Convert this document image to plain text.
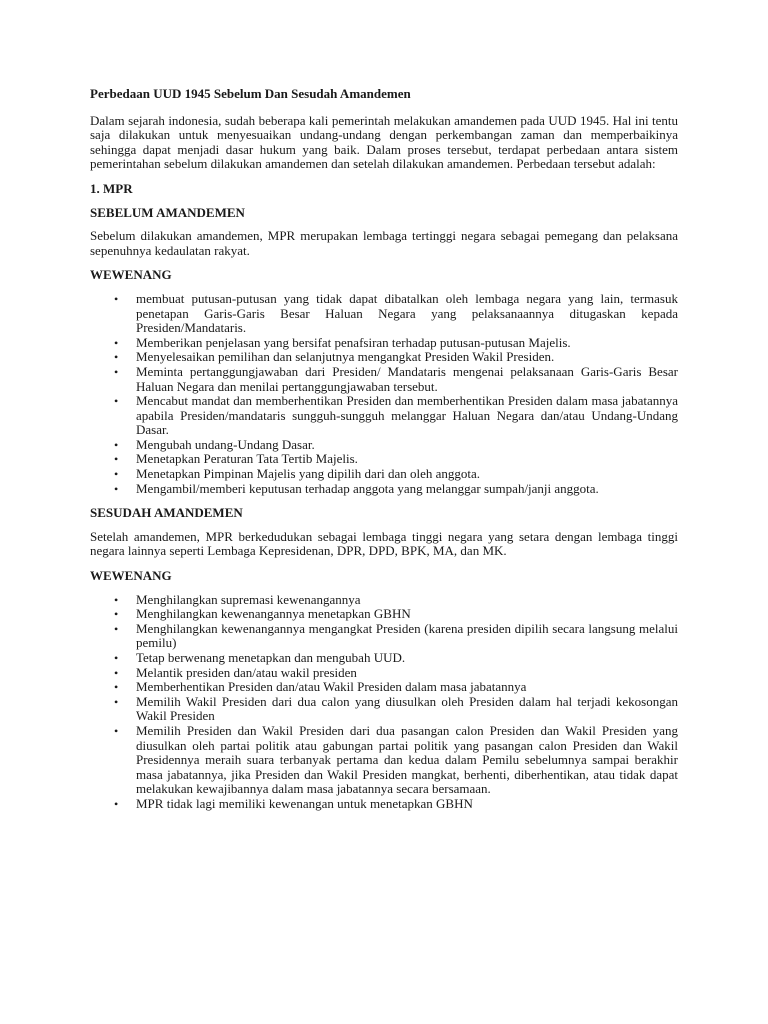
Perbedaan UUD 1945 Sebelum Dan Sesudah Amandemen
Dalam sejarah indonesia, sudah beberapa kali pemerintah melakukan amandemen pada UUD 1945. Hal ini tentu saja dilakukan untuk menyesuaikan undang-undang dengan perkembangan zaman dan memperbaikinya sehingga dapat menjadi dasar hukum yang baik. Dalam proses tersebut, terdapat perbedaan antara sistem pemerintahan sebelum dilakukan amandemen dan setelah dilakukan amandemen. Perbedaan tersebut adalah:
1. MPR
SEBELUM AMANDEMEN
Sebelum dilakukan amandemen, MPR merupakan lembaga tertinggi negara sebagai pemegang dan pelaksana sepenuhnya kedaulatan rakyat.
WEWENANG
• membuat putusan-putusan yang tidak dapat dibatalkan oleh lembaga negara yang lain, termasuk penetapan Garis-Garis Besar Haluan Negara yang pelaksanaannya ditugaskan kepada Presiden/Mandataris.
• Memberikan penjelasan yang bersifat penafsiran terhadap putusan-putusan Majelis.
• Menyelesaikan pemilihan dan selanjutnya mengangkat Presiden Wakil Presiden.
• Meminta pertanggungjawaban dari Presiden/ Mandataris mengenai pelaksanaan Garis-Garis Besar Haluan Negara dan menilai pertanggungjawaban tersebut.
• Mencabut mandat dan memberhentikan Presiden dan memberhentikan Presiden dalam masa jabatannya apabila Presiden/mandataris sungguh-sungguh melanggar Haluan Negara dan/atau Undang-Undang Dasar.
• Mengubah undang-Undang Dasar.
• Menetapkan Peraturan Tata Tertib Majelis.
• Menetapkan Pimpinan Majelis yang dipilih dari dan oleh anggota.
• Mengambil/memberi keputusan terhadap anggota yang melanggar sumpah/janji anggota.
SESUDAH AMANDEMEN
Setelah amandemen, MPR berkedudukan sebagai lembaga tinggi negara yang setara dengan lembaga tinggi negara lainnya seperti Lembaga Kepresidenan, DPR, DPD, BPK, MA, dan MK.
WEWENANG
• Menghilangkan supremasi kewenangannya
• Menghilangkan kewenangannya menetapkan GBHN
• Menghilangkan kewenangannya mengangkat Presiden (karena presiden dipilih secara langsung melalui pemilu)
• Tetap berwenang menetapkan dan mengubah UUD.
• Melantik presiden dan/atau wakil presiden
• Memberhentikan Presiden dan/atau Wakil Presiden dalam masa jabatannya
• Memilih Wakil Presiden dari dua calon yang diusulkan oleh Presiden dalam hal terjadi kekosongan Wakil Presiden
• Memilih Presiden dan Wakil Presiden dari dua pasangan calon Presiden dan Wakil Presiden yang diusulkan oleh partai politik atau gabungan partai politik yang pasangan calon Presiden dan Wakil Presidennya meraih suara terbanyak pertama dan kedua dalam Pemilu sebelumnya sampai berakhir masa jabatannya, jika Presiden dan Wakil Presiden mangkat, berhenti, diberhentikan, atau tidak dapat melakukan kewajibannya dalam masa jabatannya secara bersamaan.
• MPR tidak lagi memiliki kewenangan untuk menetapkan GBHN
